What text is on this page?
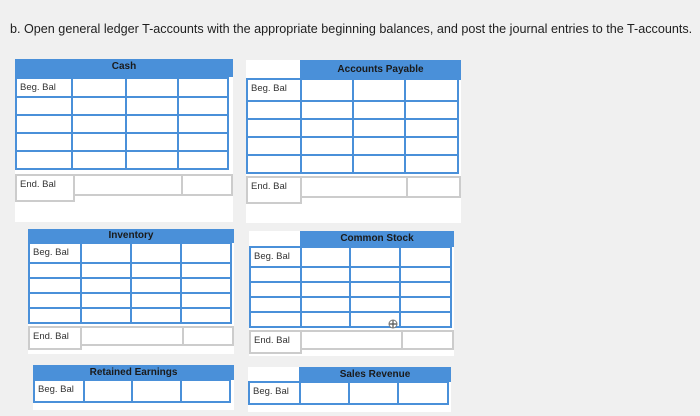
b. Open general ledger T-accounts with the appropriate beginning balances, and post the journal entries to the T-accounts.
Cash
Beg. Bal
End. Bal
Accounts Payable
Beg. Bal
End. Bal
Inventory
Beg. Bal
End. Bal
Common Stock
Beg. Bal
End. Bal
Retained Earnings
Beg. Bal
Sales Revenue
Beg. Bal
